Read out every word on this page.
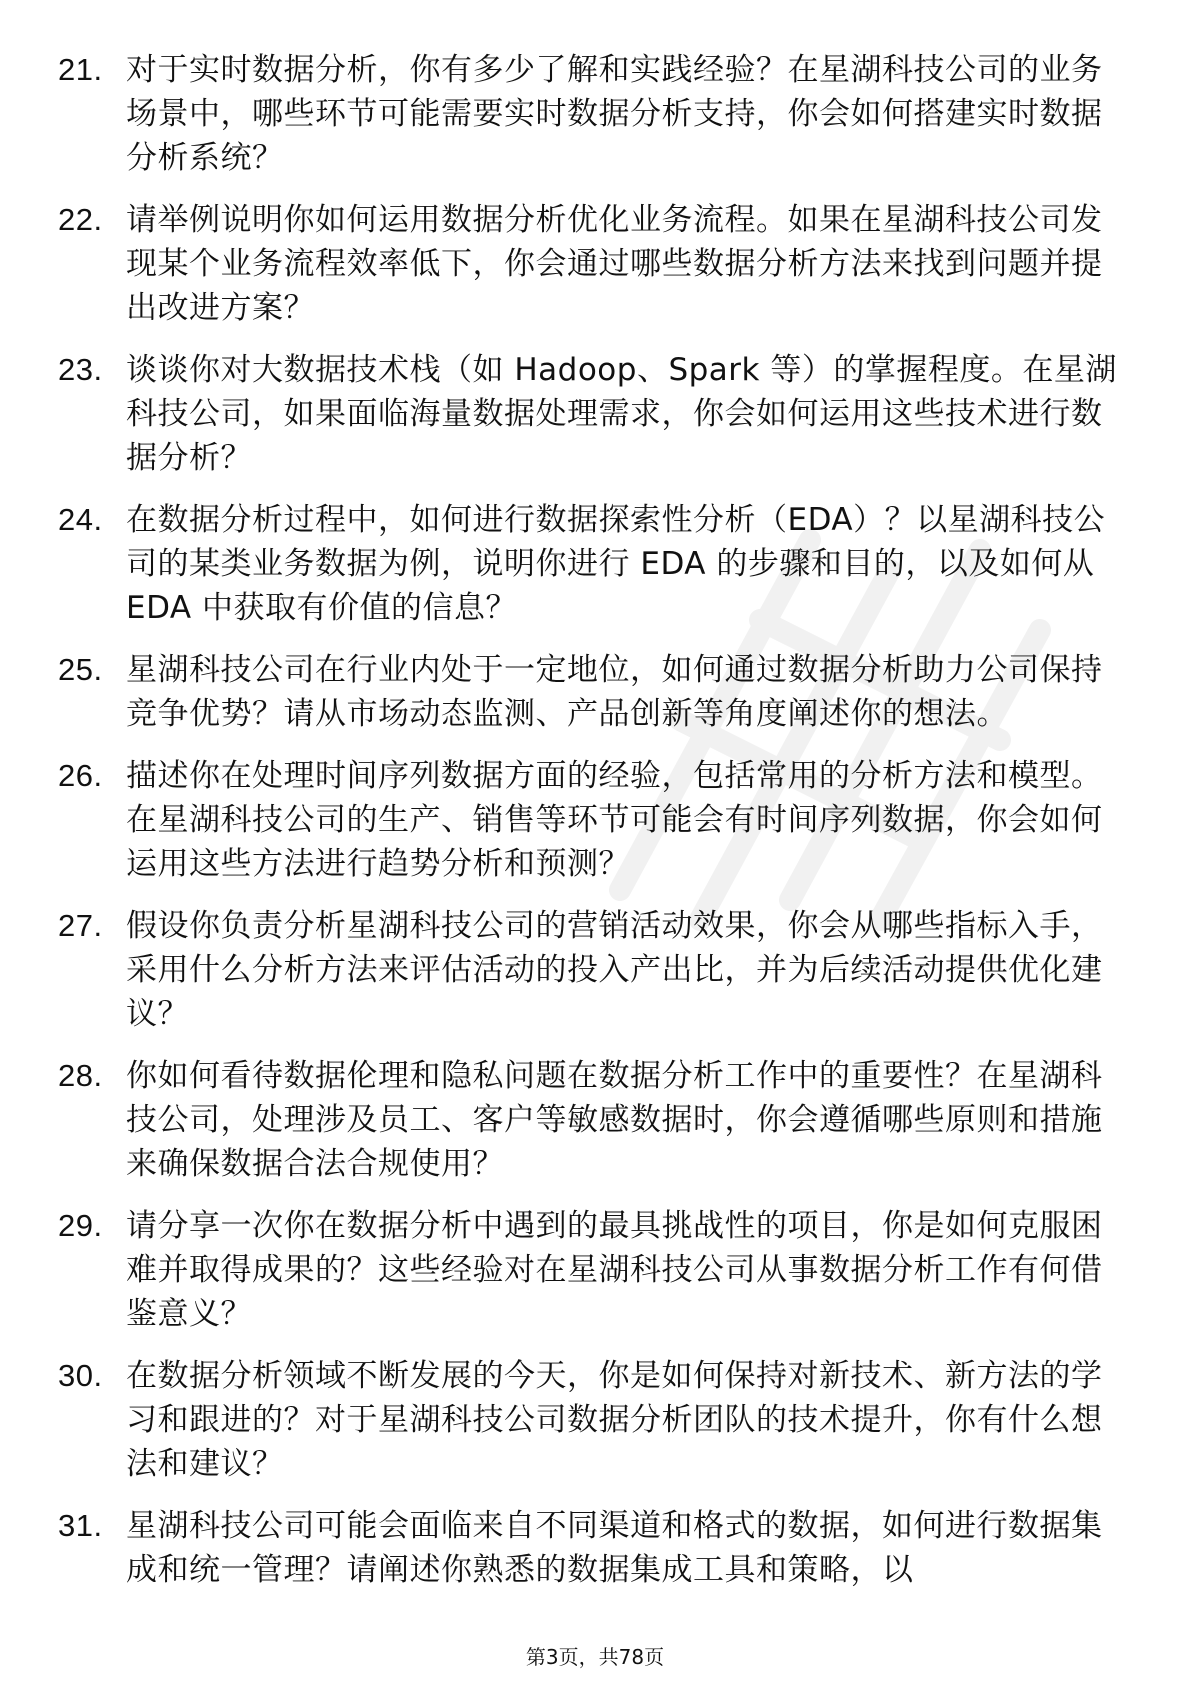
21. 对于实时数据分析，你有多少了解和实践经验？在星湖科技公司的业务场景中，哪些环节可能需要实时数据分析支持，你会如何搭建实时数据分析系统？
22. 请举例说明你如何运用数据分析优化业务流程。如果在星湖科技公司发现某个业务流程效率低下，你会通过哪些数据分析方法来找到问题并提出改进方案？
23. 谈谈你对大数据技术栈（如 Hadoop、Spark 等）的掌握程度。在星湖科技公司，如果面临海量数据处理需求，你会如何运用这些技术进行数据分析？
24. 在数据分析过程中，如何进行数据探索性分析（EDA）？以星湖科技公司的某类业务数据为例，说明你进行 EDA 的步骤和目的，以及如何从 EDA 中获取有价值的信息？
25. 星湖科技公司在行业内处于一定地位，如何通过数据分析助力公司保持竞争优势？请从市场动态监测、产品创新等角度阐述你的想法。
26. 描述你在处理时间序列数据方面的经验，包括常用的分析方法和模型。在星湖科技公司的生产、销售等环节可能会有时间序列数据，你会如何运用这些方法进行趋势分析和预测？
27. 假设你负责分析星湖科技公司的营销活动效果，你会从哪些指标入手，采用什么分析方法来评估活动的投入产出比，并为后续活动提供优化建议？
28. 你如何看待数据伦理和隐私问题在数据分析工作中的重要性？在星湖科技公司，处理涉及员工、客户等敏感数据时，你会遵循哪些原则和措施来确保数据合法合规使用？
29. 请分享一次你在数据分析中遇到的最具挑战性的项目，你是如何克服困难并取得成果的？这些经验对在星湖科技公司从事数据分析工作有何借鉴意义？
30. 在数据分析领域不断发展的今天，你是如何保持对新技术、新方法的学习和跟进的？对于星湖科技公司数据分析团队的技术提升，你有什么想法和建议？
31. 星湖科技公司可能会面临来自不同渠道和格式的数据，如何进行数据集成和统一管理？请阐述你熟悉的数据集成工具和策略，以
第3页，共78页
